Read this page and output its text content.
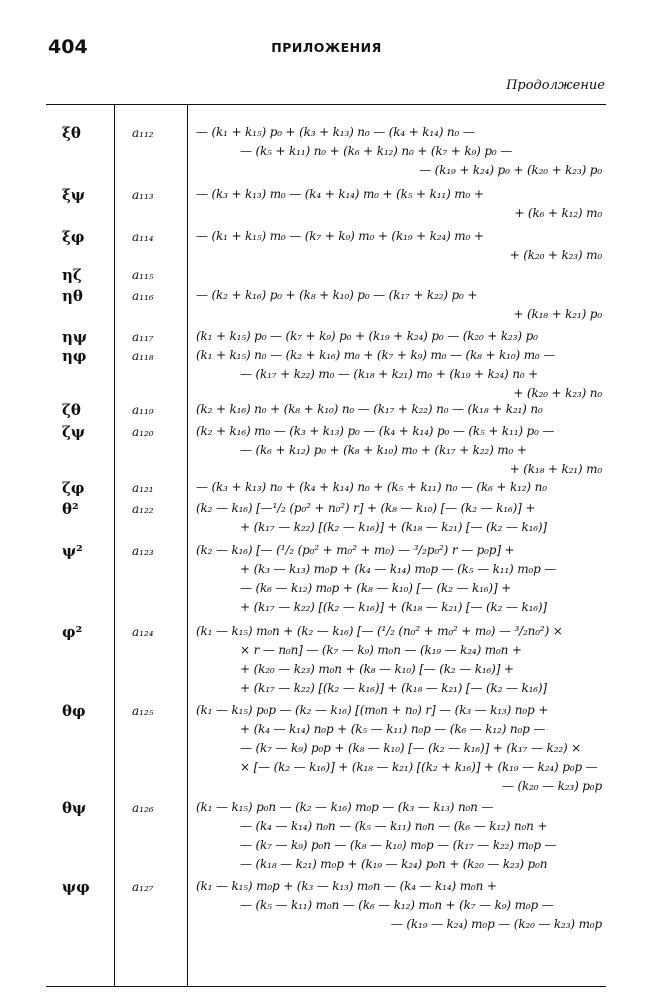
404	ПРИЛОЖЕНИЯ
Продолжение
ξθ	a₁₁₂	— (k₁ + k₁₅) p₀ + (k₃ + k₁₃) n₀ — (k₄ + k₁₄) n₀ —
— (k₅ + k₁₁) n₀ + (k₆ + k₁₂) n₀ + (k₇ + k₉) p₀ —
— (k₁₉ + k₂₄) p₀ + (k₂₀ + k₂₃) p₀
ξψ	a₁₁₃	— (k₃ + k₁₃) m₀ — (k₄ + k₁₄) m₀ + (k₅ + k₁₁) m₀ +
+ (k₆ + k₁₂) m₀
ξφ	a₁₁₄	— (k₁ + k₁₅) m₀ — (k₇ + k₉) m₀ + (k₁₉ + k₂₄) m₀ +
+ (k₂₀ + k₂₃) m₀
ηζ	a₁₁₅
ηθ	a₁₁₆	— (k₂ + k₁₆) p₀ + (k₈ + k₁₀) p₀ — (k₁₇ + k₂₂) p₀ +
+ (k₁₈ + k₂₁) p₀
ηψ	a₁₁₇	(k₁ + k₁₅) p₀ — (k₇ + k₉) p₀ + (k₁₉ + k₂₄) p₀ — (k₂₀ + k₂₃) p₀
ηφ	a₁₁₈	(k₁ + k₁₅) n₀ — (k₂ + k₁₆) m₀ + (k₇ + k₉) m₀ — (k₈ + k₁₀) m₀ —
— (k₁₇ + k₂₂) m₀ — (k₁₈ + k₂₁) m₀ + (k₁₉ + k₂₄) n₀ +
+ (k₂₀ + k₂₃) n₀
ζθ	a₁₁₉	(k₂ + k₁₆) n₀ + (k₈ + k₁₀) n₀ — (k₁₇ + k₂₂) n₀ — (k₁₈ + k₂₁) n₀
ζψ	a₁₂₀	(k₂ + k₁₆) m₀ — (k₃ + k₁₃) p₀ — (k₄ + k₁₄) p₀ — (k₅ + k₁₁) p₀ —
— (k₆ + k₁₂) p₀ + (k₈ + k₁₀) m₀ + (k₁₇ + k₂₂) m₀ +
+ (k₁₈ + k₂₁) m₀
ζφ	a₁₂₁	— (k₃ + k₁₃) n₀ + (k₄ + k₁₄) n₀ + (k₅ + k₁₁) n₀ — (k₆ + k₁₂) n₀
θ²	a₁₂₂	(k₂ — k₁₆) [—¹/₂ (p₀² + n₀²) r] + (k₈ — k₁₀) [— (k₂ — k₁₆)] +
+ (k₁₇ — k₂₂) [(k₂ — k₁₆)] + (k₁₈ — k₂₁) [— (k₂ — k₁₆)]
ψ²	a₁₂₃	(k₂ — k₁₆) [— (¹/₂ (p₀² + m₀² + m₀) — ³/₂p₀²) r — p₀p] +
+ (k₃ — k₁₃) m₀p + (k₄ — k₁₄) m₀p — (k₅ — k₁₁) m₀p —
— (k₆ — k₁₂) m₀p + (k₈ — k₁₀) [— (k₂ — k₁₆)] +
+ (k₁₇ — k₂₂) [(k₂ — k₁₆)] + (k₁₈ — k₂₁) [— (k₂ — k₁₆)]
φ²	a₁₂₄	(k₁ — k₁₅) m₀n + (k₂ — k₁₆) [— (¹/₂ (n₀² + m₀² + m₀) — ³/₂n₀²) ×
× r — n₀n] — (k₇ — k₉) m₀n — (k₁₉ — k₂₄) m₀n +
+ (k₂₀ — k₂₃) m₀n + (k₈ — k₁₀) [— (k₂ — k₁₆)] +
+ (k₁₇ — k₂₂) [(k₂ — k₁₆)] + (k₁₈ — k₂₁) [— (k₂ — k₁₆)]
θφ	a₁₂₅	(k₁ — k₁₅) p₀p — (k₂ — k₁₆) [(m₀n + n₀) r] — (k₃ — k₁₃) n₀p +
+ (k₄ — k₁₄) n₀p + (k₅ — k₁₁) n₀p — (k₆ — k₁₂) n₀p —
— (k₇ — k₉) p₀p + (k₈ — k₁₀) [— (k₂ — k₁₆)] + (k₁₇ — k₂₂) ×
× [— (k₂ — k₁₆)] + (k₁₈ — k₂₁) [(k₂ + k₁₆)] + (k₁₉ — k₂₄) p₀p —
— (k₂₀ — k₂₃) p₀p
θψ	a₁₂₆	(k₁ — k₁₅) p₀n — (k₂ — k₁₆) m₀p — (k₃ — k₁₃) n₀n —
— (k₄ — k₁₄) n₀n — (k₅ — k₁₁) n₀n — (k₆ — k₁₂) n₀n +
— (k₇ — k₉) p₀n — (k₈ — k₁₀) m₀p — (k₁₇ — k₂₂) m₀p —
— (k₁₈ — k₂₁) m₀p + (k₁₉ — k₂₄) p₀n + (k₂₀ — k₂₃) p₀n
ψφ	a₁₂₇	(k₁ — k₁₅) m₀p + (k₃ — k₁₃) m₀n — (k₄ — k₁₄) m₀n +
— (k₅ — k₁₁) m₀n — (k₆ — k₁₂) m₀n + (k₇ — k₉) m₀p —
— (k₁₉ — k₂₄) m₀p — (k₂₀ — k₂₃) m₀p
